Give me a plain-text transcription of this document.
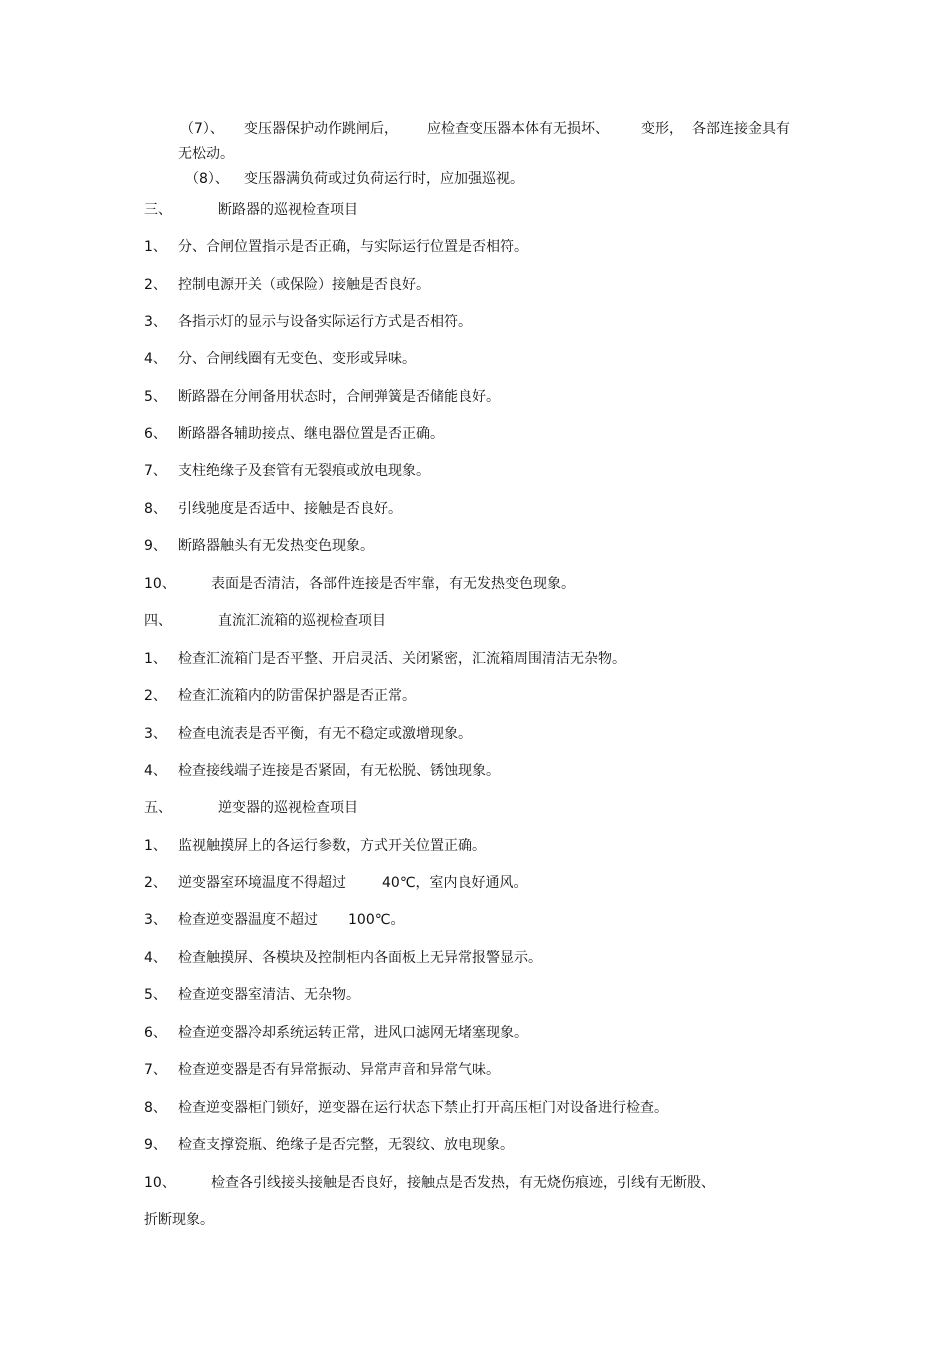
（7）、 变压器保护动作跳闸后， 应检查变压器本体有无损坏、 变形， 各部连接金具有
无松动。
（8）、 变压器满负荷或过负荷运行时，应加强巡视。
三、	断路器的巡视检查项目
1、 分、合闸位置指示是否正确，与实际运行位置是否相符。
2、 控制电源开关（或保险）接触是否良好。
3、 各指示灯的显示与设备实际运行方式是否相符。
4、 分、合闸线圈有无变色、变形或异味。
5、 断路器在分闸备用状态时，合闸弹簧是否储能良好。
6、 断路器各辅助接点、继电器位置是否正确。
7、 支柱绝缘子及套管有无裂痕或放电现象。
8、 引线驰度是否适中、接触是否良好。
9、 断路器触头有无发热变色现象。
10、	表面是否清洁，各部件连接是否牢靠，有无发热变色现象。
四、	直流汇流箱的巡视检查项目
1、 检查汇流箱门是否平整、开启灵活、关闭紧密，汇流箱周围清洁无杂物。
2、 检查汇流箱内的防雷保护器是否正常。
3、 检查电流表是否平衡，有无不稳定或激增现象。
4、 检查接线端子连接是否紧固，有无松脱、锈蚀现象。
五、	逆变器的巡视检查项目
1、 监视触摸屏上的各运行参数，方式开关位置正确。
2、 逆变器室环境温度不得超过	40℃，室内良好通风。
3、 检查逆变器温度不超过 100℃。
4、 检查触摸屏、各模块及控制柜内各面板上无异常报警显示。
5、 检查逆变器室清洁、无杂物。
6、 检查逆变器冷却系统运转正常，进风口滤网无堵塞现象。
7、 检查逆变器是否有异常振动、异常声音和异常气味。
8、 检查逆变器柜门锁好，逆变器在运行状态下禁止打开高压柜门对设备进行检查。
9、 检查支撑瓷瓶、绝缘子是否完整，无裂纹、放电现象。
10、	检查各引线接头接触是否良好，接触点是否发热，有无烧伤痕迹，引线有无断股、
折断现象。
